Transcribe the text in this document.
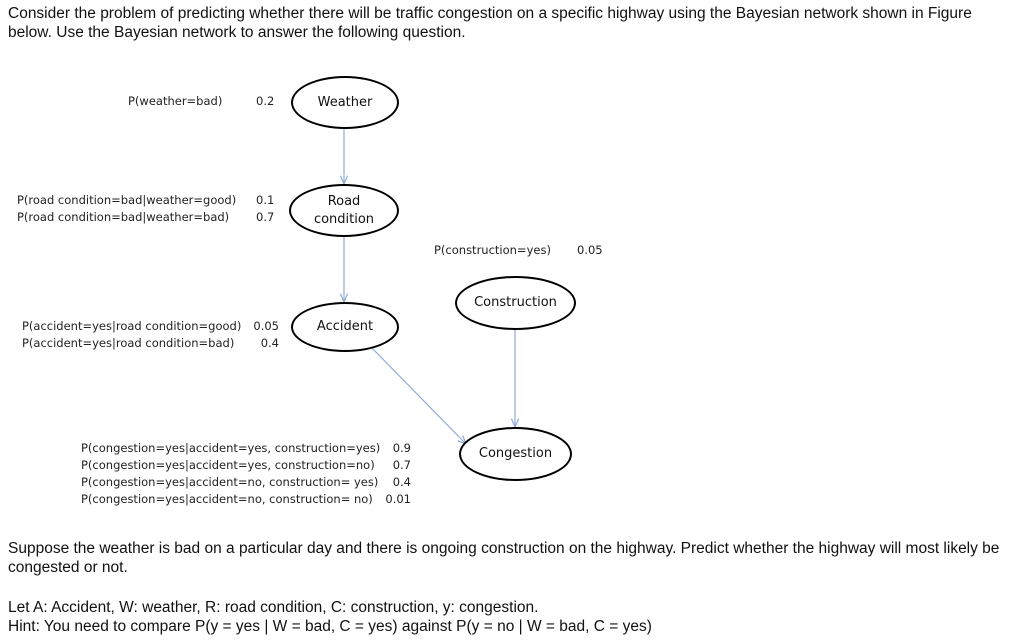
Consider the problem of predicting whether there will be traffic congestion on a specific highway using the Bayesian network shown in Figure below. Use the Bayesian network to answer the following question.

Weather
Road
condition
Accident
Construction
Congestion
P(weather=bad)	0.2
P(road condition=bad|weather=good) 0.1
P(road condition=bad|weather=bad) 0.7
P(construction=yes) 0.05
P(accident=yes|road condition=good)	0.05
P(accident=yes|road condition=bad)	0.4
P(congestion=yes|accident=yes, construction=yes)	0.9
P(congestion=yes|accident=yes, construction=no)	0.7
P(congestion=yes|accident=no, construction= yes)	0.4
P(congestion=yes|accident=no, construction= no)	0.01

Suppose the weather is bad on a particular day and there is ongoing construction on the highway. Predict whether the highway will most likely be congested or not.

Let A: Accident, W: weather, R: road condition, C: construction, y: congestion.

Hint: You need to compare P(y = yes | W = bad, C = yes) against P(y = no | W = bad, C = yes)
